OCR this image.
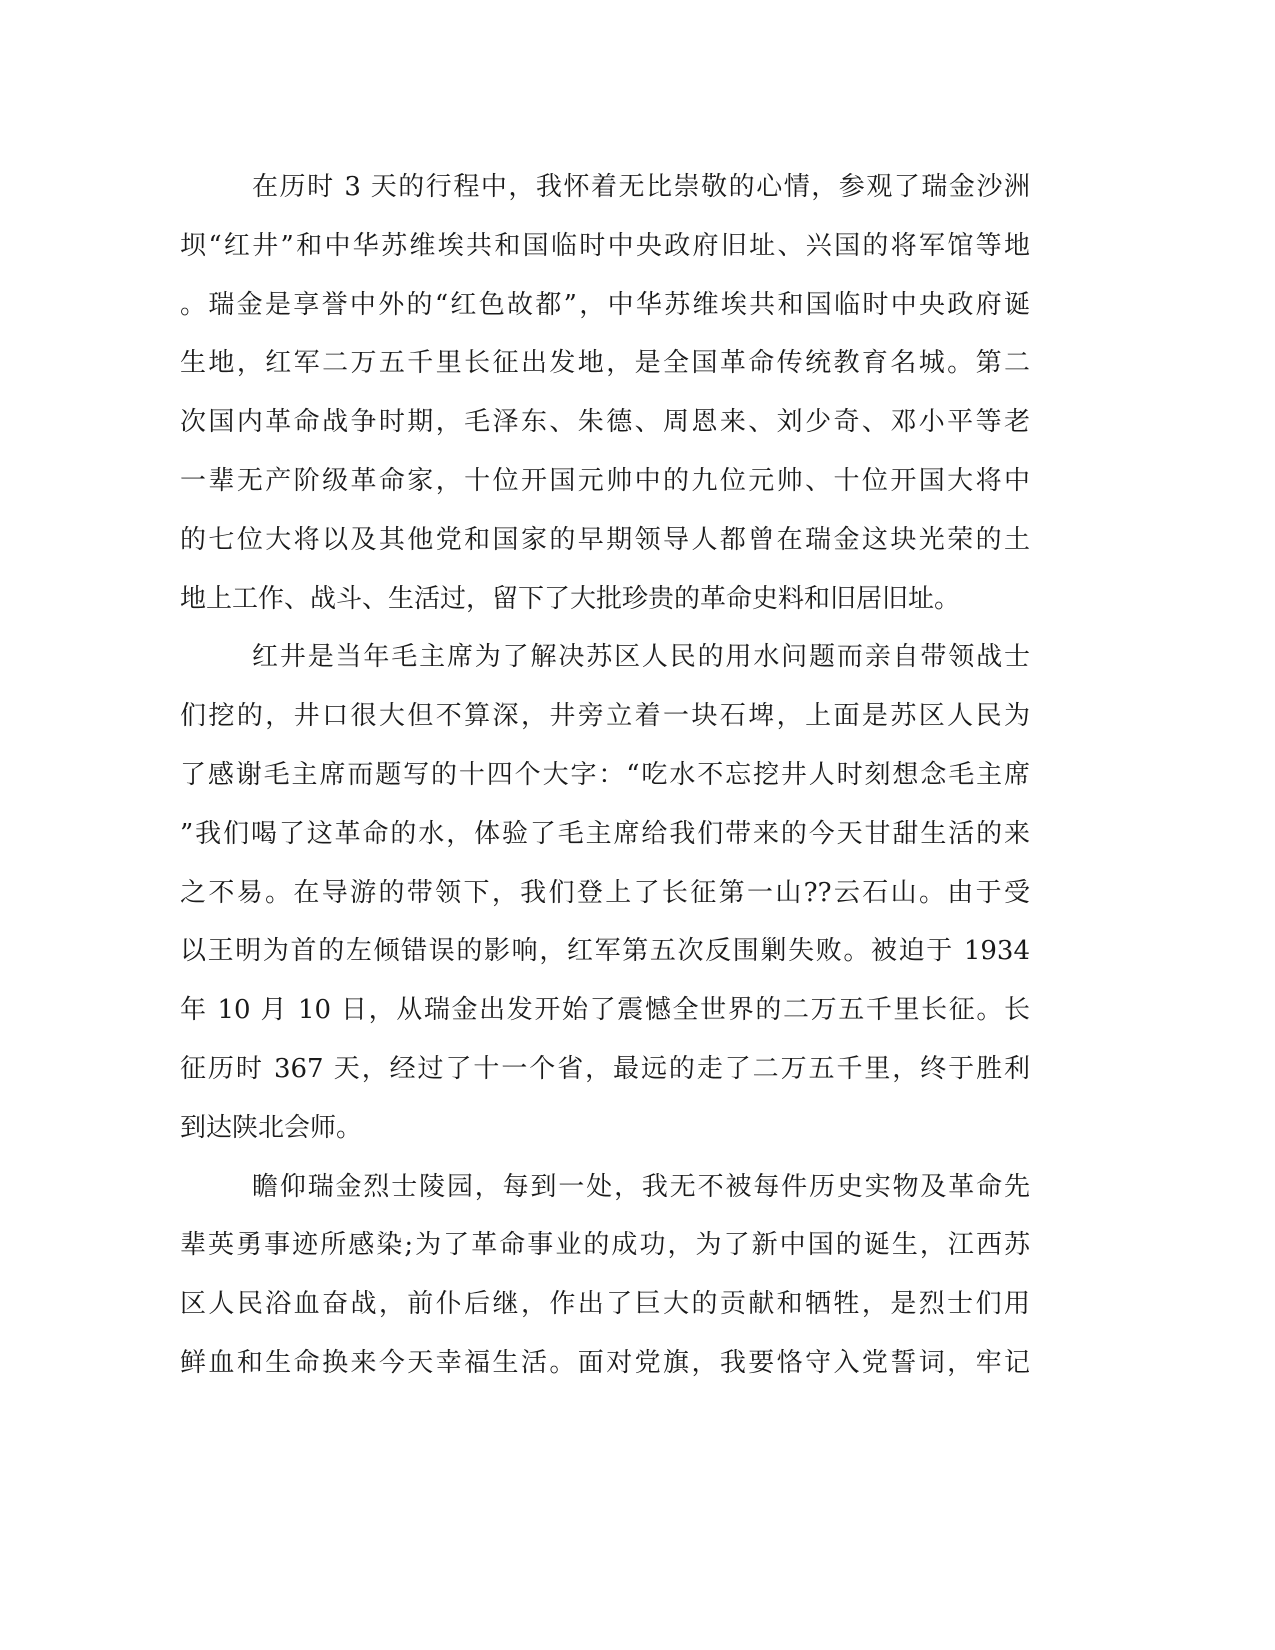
在历时 3 天的行程中，我怀着无比崇敬的心情，参观了瑞金沙洲
坝“红井”和中华苏维埃共和国临时中央政府旧址、兴国的将军馆等地
。瑞金是享誉中外的“红色故都”，中华苏维埃共和国临时中央政府诞
生地，红军二万五千里长征出发地，是全国革命传统教育名城。第二
次国内革命战争时期，毛泽东、朱德、周恩来、刘少奇、邓小平等老
一辈无产阶级革命家，十位开国元帅中的九位元帅、十位开国大将中
的七位大将以及其他党和国家的早期领导人都曾在瑞金这块光荣的土
地上工作、战斗、生活过，留下了大批珍贵的革命史料和旧居旧址。
红井是当年毛主席为了解决苏区人民的用水问题而亲自带领战士
们挖的，井口很大但不算深，井旁立着一块石埤，上面是苏区人民为
了感谢毛主席而题写的十四个大字：“吃水不忘挖井人时刻想念毛主席
”我们喝了这革命的水，体验了毛主席给我们带来的今天甘甜生活的来
之不易。在导游的带领下，我们登上了长征第一山??云石山。由于受
以王明为首的左倾错误的影响，红军第五次反围剿失败。被迫于 1934
年 10 月 10 日，从瑞金出发开始了震憾全世界的二万五千里长征。长
征历时 367 天，经过了十一个省，最远的走了二万五千里，终于胜利
到达陕北会师。
瞻仰瑞金烈士陵园，每到一处，我无不被每件历史实物及革命先
辈英勇事迹所感染;为了革命事业的成功，为了新中国的诞生，江西苏
区人民浴血奋战，前仆后继，作出了巨大的贡献和牺牲，是烈士们用
鲜血和生命换来今天幸福生活。面对党旗，我要恪守入党誓词，牢记
